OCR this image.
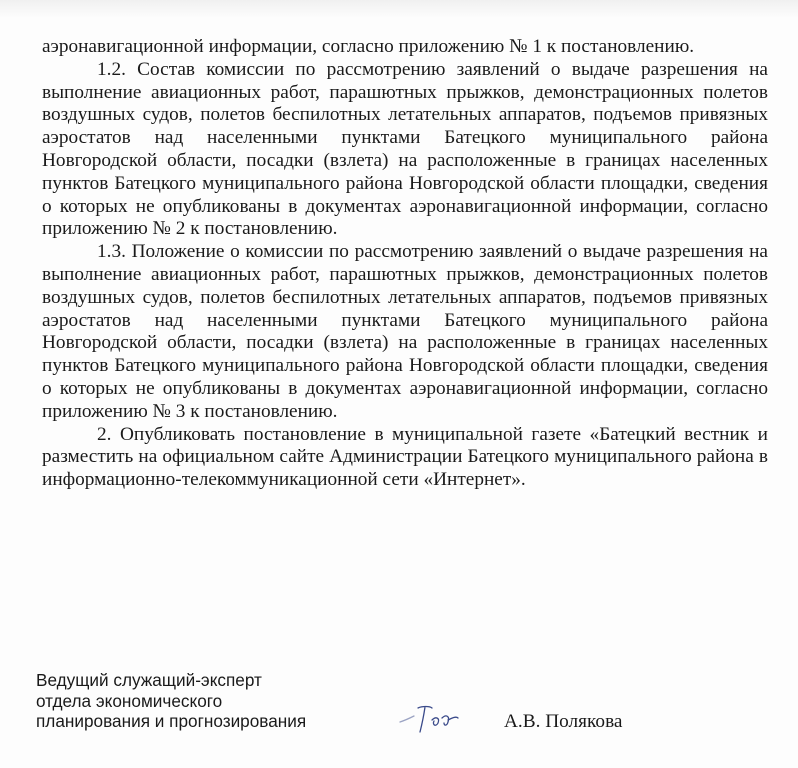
аэронавигационной информации, согласно приложению № 1 к постановлению.

1.2. Состав комиссии по рассмотрению заявлений о выдаче разрешения на выполнение авиационных работ, парашютных прыжков, демонстрационных полетов воздушных судов, полетов беспилотных летательных аппаратов, подъемов привязных аэростатов над населенными пунктами Батецкого муниципального района Новгородской области, посадки (взлета) на расположенные в границах населенных пунктов Батецкого муниципального района Новгородской области площадки, сведения о которых не опубликованы в документах аэронавигационной информации, согласно приложению № 2 к постановлению.

1.3. Положение о комиссии по рассмотрению заявлений о выдаче разрешения на выполнение авиационных работ, парашютных прыжков, демонстрационных полетов воздушных судов, полетов беспилотных летательных аппаратов, подъемов привязных аэростатов над населенными пунктами Батецкого муниципального района Новгородской области, посадки (взлета) на расположенные в границах населенных пунктов Батецкого муниципального района Новгородской области площадки, сведения о которых не опубликованы в документах аэронавигационной информации, согласно приложению № 3 к постановлению.

2. Опубликовать постановление в муниципальной газете «Батецкий вестник и разместить на официальном сайте Администрации Батецкого муниципального района в информационно-телекоммуникационной сети «Интернет».

Ведущий служащий-эксперт
отдела экономического
планирования и прогнозирования	А.В. Полякова
